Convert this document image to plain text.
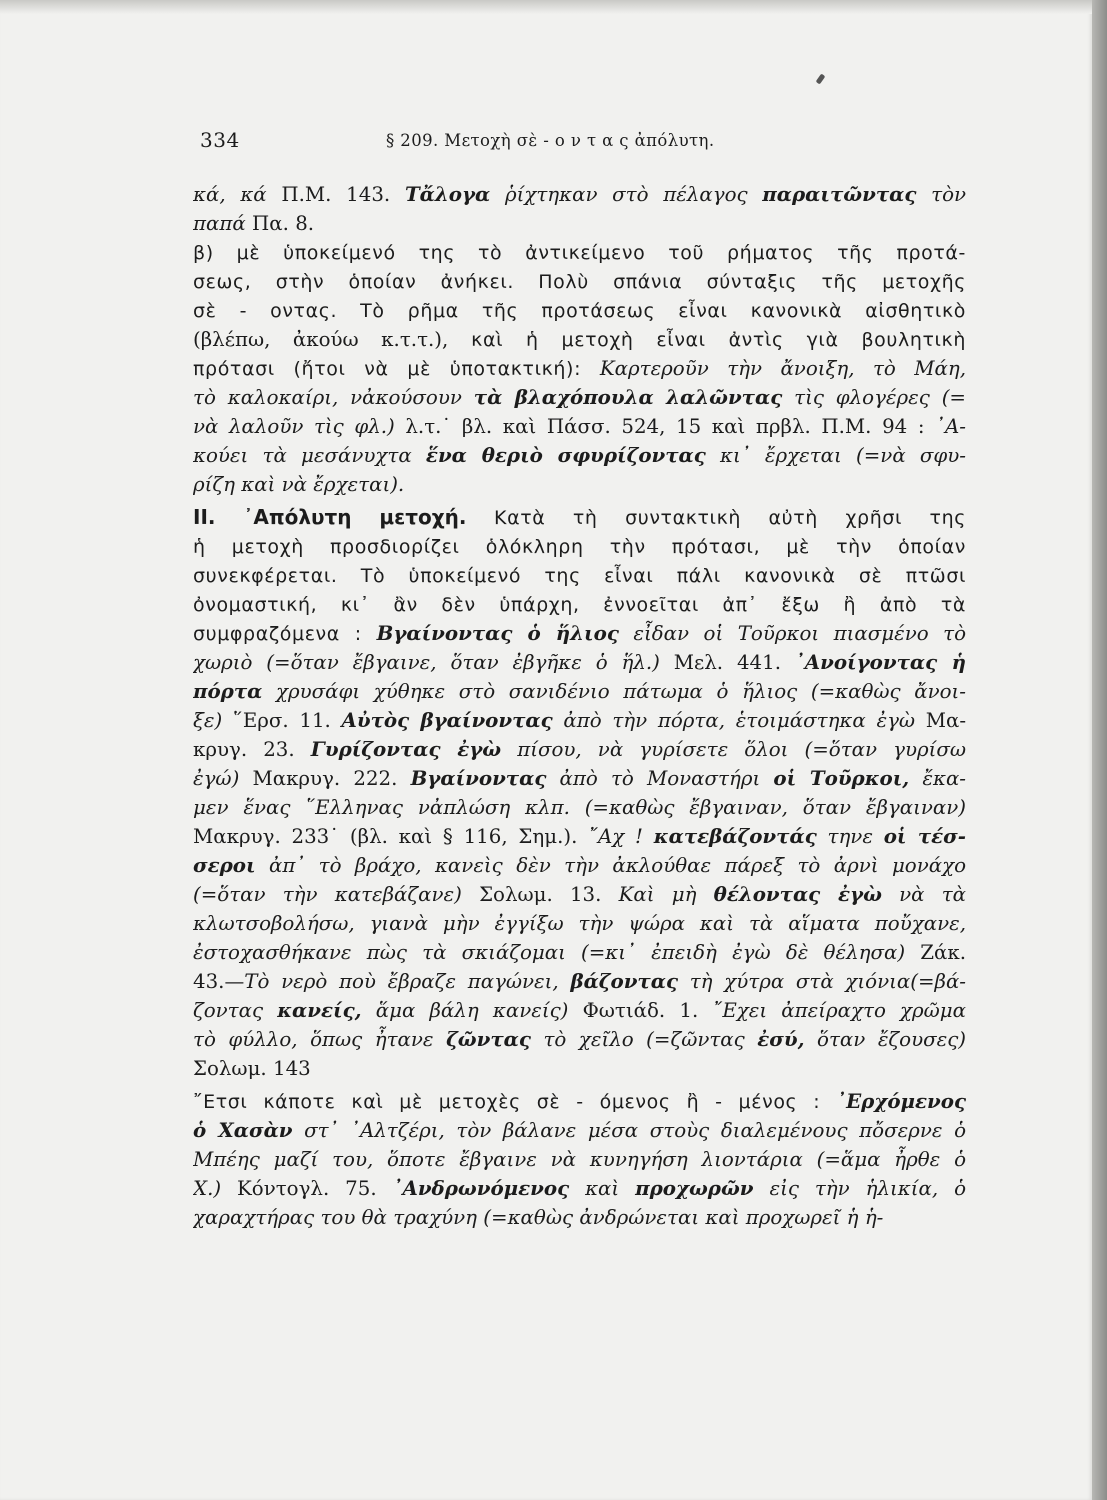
334	§ 209. Μετοχὴ σὲ - ο ν τ α ς ἀπόλυτη.
κά, κά Π.Μ. 143. Τἄλογα ῥίχτηκαν στὸ πέλαγος παραιτῶντας τὸν
παπά Πα. 8.
β) μὲ ὑποκείμενό της τὸ ἀντικείμενο τοῦ ρήματος τῆς προτά-
σεως, στὴν ὁποίαν ἀνήκει. Πολὺ σπάνια σύνταξις τῆς μετοχῆς
σὲ - οντας. Τὸ ρῆμα τῆς προτάσεως εἶναι κανονικὰ αἰσθητικὸ
(βλέπω, ἀκούω κ.τ.τ.), καὶ ἡ μετοχὴ εἶναι ἀντὶς γιὰ βουλητικὴ
πρότασι (ἤτοι νὰ μὲ ὑποτακτική): Καρτεροῦν τὴν ἄνοιξη, τὸ Μάη,
τὸ καλοκαίρι, νἀκούσουν τὰ βλαχόπουλα λαλῶντας τὶς φλογέρες (=
νὰ λαλοῦν τὶς φλ.) λ.τ.˙ βλ. καὶ Πάσσ. 524, 15 καὶ πρβλ. Π.Μ. 94 : ᾿Α-
κούει τὰ μεσάνυχτα ἕνα θεριὸ σφυρίζοντας κι᾿ ἔρχεται (=νὰ σφυ-
ρίζη καὶ νὰ ἔρχεται).
ΙΙ. ᾿Απόλυτη μετοχή. Κατὰ τὴ συντακτικὴ αὐτὴ χρῆσι της
ἡ μετοχὴ προσδιορίζει ὁλόκληρη τὴν πρότασι, μὲ τὴν ὁποίαν
συνεκφέρεται. Τὸ ὑποκείμενό της εἶναι πάλι κανονικὰ σὲ πτῶσι
ὀνομαστική, κι᾿ ἂν δὲν ὑπάρχη, ἐννοεῖται ἀπ᾿ ἔξω ἢ ἀπὸ τὰ
συμφραζόμενα : Βγαίνοντας ὁ ἥλιος εἶδαν οἱ Τοῦρκοι πιασμένο τὸ
χωριὸ (=ὅταν ἔβγαινε, ὅταν ἐβγῆκε ὁ ἥλ.) Μελ. 441. ᾿Ανοίγοντας ἡ
πόρτα χρυσάφι χύθηκε στὸ σανιδένιο πάτωμα ὁ ἥλιος (=καθὼς ἄνοι-
ξε) ῞Ερσ. 11. Αὐτὸς βγαίνοντας ἀπὸ τὴν πόρτα, ἑτοιμάστηκα ἐγὼ Μα-
κρυγ. 23. Γυρίζοντας ἐγὼ πίσου, νὰ γυρίσετε ὅλοι (=ὅταν γυρίσω
ἐγώ) Μακρυγ. 222. Βγαίνοντας ἀπὸ τὸ Μοναστήρι οἱ Τοῦρκοι, ἔκα-
μεν ἕνας ῞Ελληνας νἀπλώση κλπ. (=καθὼς ἔβγαιναν, ὅταν ἔβγαιναν)
Μακρυγ. 233˙ (βλ. καὶ § 116, Σημ.). ῎Αχ ! κατεβάζοντάς τηνε οἱ τέσ-
σεροι ἀπ᾿ τὸ βράχο, κανεὶς δὲν τὴν ἀκλούθαε πάρεξ τὸ ἀρνὶ μονάχο
(=ὅταν τὴν κατεβάζανε) Σολωμ. 13. Καὶ μὴ θέλοντας ἐγὼ νὰ τὰ
κλωτσοβολήσω, γιανὰ μὴν ἐγγίξω τὴν ψώρα καὶ τὰ αἵματα ποὔχανε,
ἐστοχασθήκανε πὼς τὰ σκιάζομαι (=κι᾿ ἐπειδὴ ἐγὼ δὲ θέλησα) Ζάκ.
43.—Τὸ νερὸ ποὺ ἔβραζε παγώνει, βάζοντας τὴ χύτρα στὰ χιόνια(=βά-
ζοντας κανείς, ἅμα βάλη κανείς) Φωτιάδ. 1. ῎Εχει ἀπείραχτο χρῶμα
τὸ φύλλο, ὅπως ἦτανε ζῶντας τὸ χεῖλο (=ζῶντας ἐσύ, ὅταν ἔζουσες)
Σολωμ. 143
῎Ετσι κάποτε καὶ μὲ μετοχὲς σὲ - όμενος ἢ - μένος : ᾿Ερχόμενος
ὁ Χασὰν στ᾿ ᾿Αλτζέρι, τὸν βάλανε μέσα στοὺς διαλεμένους πὄσερνε ὁ
Μπέης μαζί του, ὅποτε ἔβγαινε νὰ κυνηγήση λιοντάρια (=ἅμα ἦρθε ὁ
Χ.) Κόντογλ. 75. ᾿Ανδρωνόμενος καὶ προχωρῶν εἰς τὴν ἡλικία, ὁ
χαραχτήρας του θὰ τραχύνη (=καθὼς ἀνδρώνεται καὶ προχωρεῖ ἡ ἡ-
